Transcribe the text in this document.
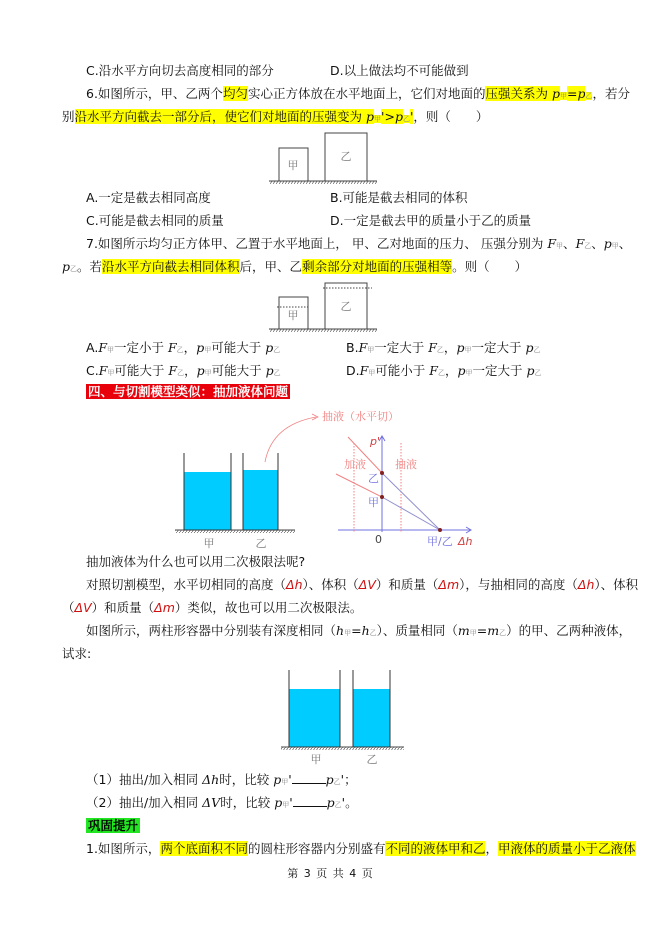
C.沿水平方向切去高度相同的部分	D.以上做法均不可能做到
6.如图所示，甲、乙两个均匀实心正方体放在水平地面上，它们对地面的压强关系为 p甲=p乙，若分
别沿水平方向截去一部分后，使它们对地面的压强变为 p甲'>p乙'，则（　　）
A.一定是截去相同高度	B.可能是截去相同的体积
C.可能是截去相同的质量	D.一定是截去甲的质量小于乙的质量
7.如图所示均匀正方体甲、乙置于水平地面上， 甲、乙对地面的压力、 压强分别为 F甲、F乙、p甲、
p乙。若沿水平方向截去相同体积后，甲、乙剩余部分对地面的压强相等。则（　　）
A.F甲一定小于 F乙，p甲可能大于 p乙	B.F甲一定大于 F乙，p甲一定大于 p乙
C.F甲可能大于 F乙，p甲可能大于 p乙	D.F甲可能小于 F乙，p甲一定大于 p乙
四、与切割模型类似：抽加液体问题
抽加液体为什么也可以用二次极限法呢?
对照切割模型，水平切相同的高度（Δh）、体积（ΔV）和质量（Δm），与抽相同的高度（Δh）、体积
（ΔV）和质量（Δm）类似，故也可以用二次极限法。
如图所示，两柱形容器中分别装有深度相同（h甲=h乙）、质量相同（m甲=m乙）的甲、乙两种液体，
试求:
（1）抽出/加入相同 Δh时，比较 p甲'	p乙'；
（2）抽出/加入相同 ΔV时，比较 p甲'	p乙'。
巩固提升
1.如图所示，两个底面积不同的圆柱形容器内分别盛有不同的液体甲和乙，甲液体的质量小于乙液体
甲
乙
甲
乙
甲	乙
抽液（水平切）
p'
加液	抽液
乙
甲
0	甲/乙 Δh
甲	乙
第 3 页 共 4 页
